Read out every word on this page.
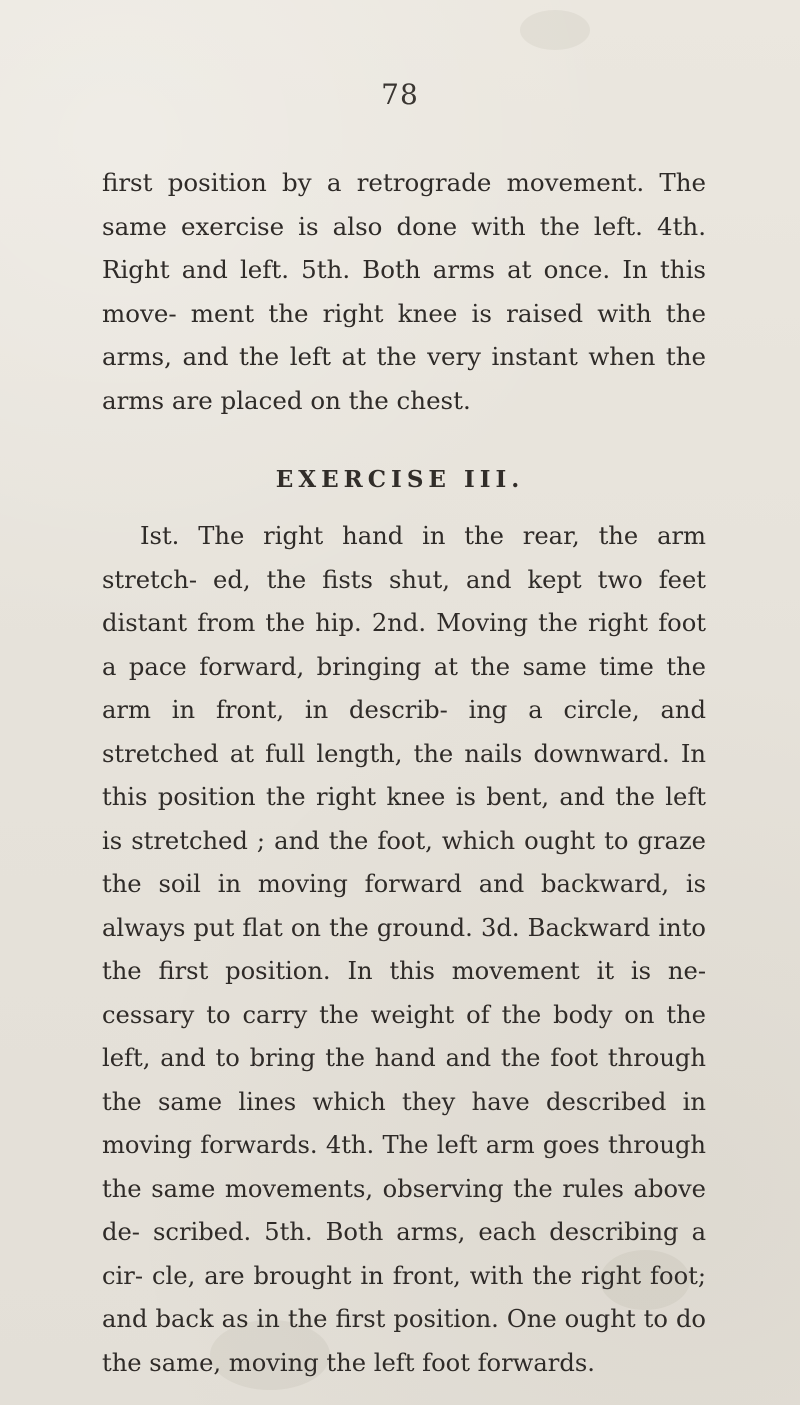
78
first position by a retrograde movement. The same exercise is also done with the left. 4th. Right and left. 5th. Both arms at once. In this move- ment the right knee is raised with the arms, and the left at the very instant when the arms are placed on the chest.
EXERCISE III.
Ist. The right hand in the rear, the arm stretch- ed, the fists shut, and kept two feet distant from the hip. 2nd. Moving the right foot a pace forward, bringing at the same time the arm in front, in describ- ing a circle, and stretched at full length, the nails downward. In this position the right knee is bent, and the left is stretched ; and the foot, which ought to graze the soil in moving forward and backward, is always put flat on the ground. 3d. Backward into the first position. In this movement it is ne- cessary to carry the weight of the body on the left, and to bring the hand and the foot through the same lines which they have described in moving forwards. 4th. The left arm goes through the same movements, observing the rules above de- scribed. 5th. Both arms, each describing a cir- cle, are brought in front, with the right foot; and back as in the first position. One ought to do the same, moving the left foot forwards.
